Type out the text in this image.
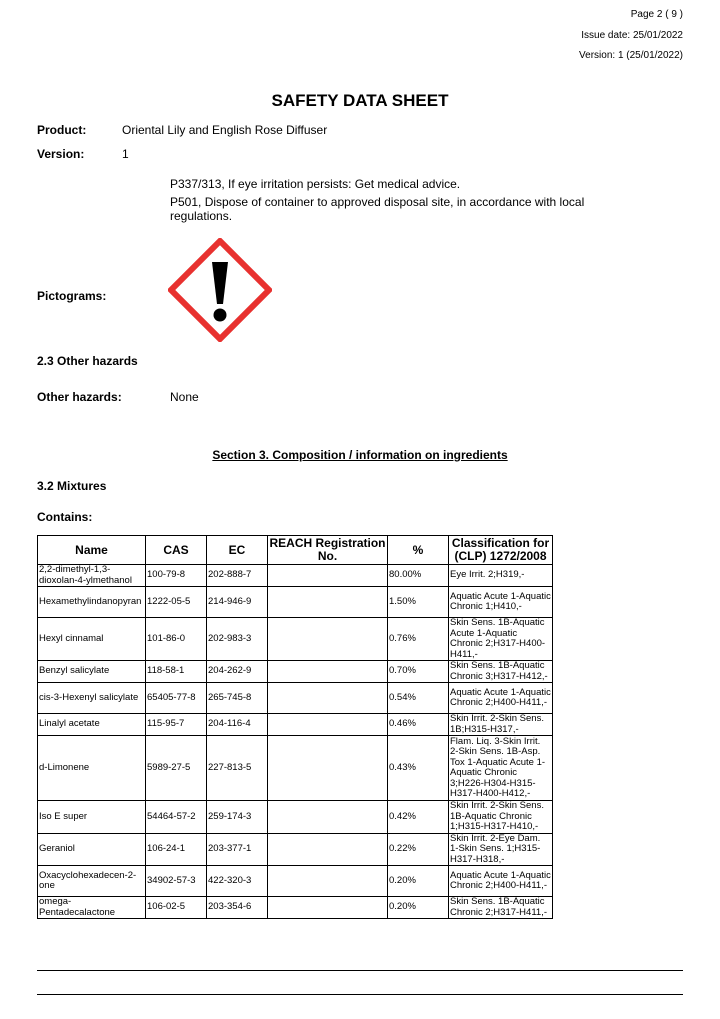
Page 2 ( 9 )
Issue date: 25/01/2022
Version: 1 (25/01/2022)
SAFETY DATA SHEET
Product:	Oriental Lily and English Rose Diffuser
Version:	1
P337/313, If eye irritation persists: Get medical advice.
P501, Dispose of container to approved disposal site, in accordance with local regulations.
Pictograms:
2.3 Other hazards
Other hazards:	None
Section 3. Composition / information on ingredients
3.2 Mixtures
Contains:
Name	CAS	EC	REACH Registration No.	%	Classification for (CLP) 1272/2008
2,2-dimethyl-1,3-dioxolan-4-ylmethanol	100-79-8	202-888-7		80.00%	Eye Irrit. 2;H319,-
Hexamethylindanopyran	1222-05-5	214-946-9		1.50%	Aquatic Acute 1-Aquatic Chronic 1;H410,-
Hexyl cinnamal	101-86-0	202-983-3		0.76%	Skin Sens. 1B-Aquatic Acute 1-Aquatic Chronic 2;H317-H400-H411,-
Benzyl salicylate	118-58-1	204-262-9		0.70%	Skin Sens. 1B-Aquatic Chronic 3;H317-H412,-
cis-3-Hexenyl salicylate	65405-77-8	265-745-8		0.54%	Aquatic Acute 1-Aquatic Chronic 2;H400-H411,-
Linalyl acetate	115-95-7	204-116-4		0.46%	Skin Irrit. 2-Skin Sens. 1B;H315-H317,-
d-Limonene	5989-27-5	227-813-5		0.43%	Flam. Liq. 3-Skin Irrit. 2-Skin Sens. 1B-Asp. Tox 1-Aquatic Acute 1-Aquatic Chronic 3;H226-H304-H315-H317-H400-H412,-
Iso E super	54464-57-2	259-174-3		0.42%	Skin Irrit. 2-Skin Sens. 1B-Aquatic Chronic 1;H315-H317-H410,-
Geraniol	106-24-1	203-377-1		0.22%	Skin Irrit. 2-Eye Dam. 1-Skin Sens. 1;H315-H317-H318,-
Oxacyclohexadecen-2-one	34902-57-3	422-320-3		0.20%	Aquatic Acute 1-Aquatic Chronic 2;H400-H411,-
omega-Pentadecalactone	106-02-5	203-354-6		0.20%	Skin Sens. 1B-Aquatic Chronic 2;H317-H411,-
